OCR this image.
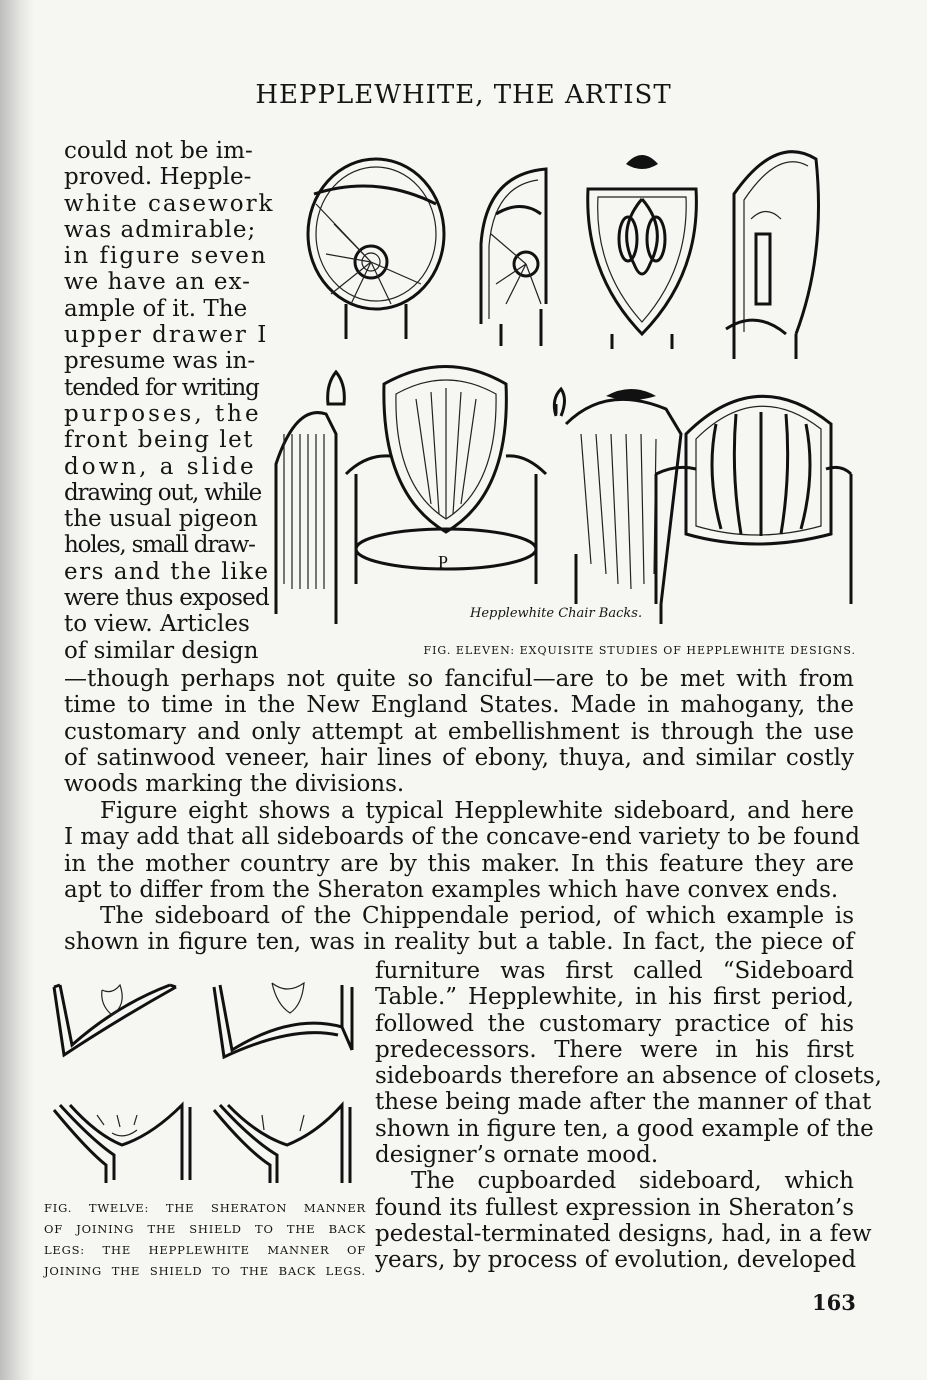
HEPPLEWHITE, THE ARTIST
could not be im-
proved. Hepple-
white casework
was admirable;
in figure seven
we have an ex-
ample of it. The
upper drawer I
presume was in-
tended for writing
purposes, the
front being let
down, a slide
drawing out, while
the usual pigeon
holes, small draw-
ers and the like
were thus exposed
to view. Articles
of similar design
P
Hepplewhite Chair Backs.
FIG. ELEVEN: EXQUISITE STUDIES OF HEPPLEWHITE DESIGNS.
—though perhaps not quite so fanciful—are to be met with from
time to time in the New England States. Made in mahogany, the
customary and only attempt at embellishment is through the use
of satinwood veneer, hair lines of ebony, thuya, and similar costly
woods marking the divisions.
Figure eight shows a typical Hepplewhite sideboard, and here
I may add that all sideboards of the concave-end variety to be found
in the mother country are by this maker. In this feature they are
apt to differ from the Sheraton examples which have convex ends.
The sideboard of the Chippendale period, of which example is
shown in figure ten, was in reality but a table. In fact, the piece of
FIG. TWELVE: THE SHERATON MANNER
OF JOINING THE SHIELD TO THE BACK
LEGS: THE HEPPLEWHITE MANNER OF
JOINING THE SHIELD TO THE BACK LEGS.
furniture was first called “Sideboard
Table.” Hepplewhite, in his first period,
followed the customary practice of his
predecessors. There were in his first
sideboards therefore an absence of closets,
these being made after the manner of that
shown in figure ten, a good example of the
designer’s ornate mood.
The cupboarded sideboard, which
found its fullest expression in Sheraton’s
pedestal-terminated designs, had, in a few
years, by process of evolution, developed
163
